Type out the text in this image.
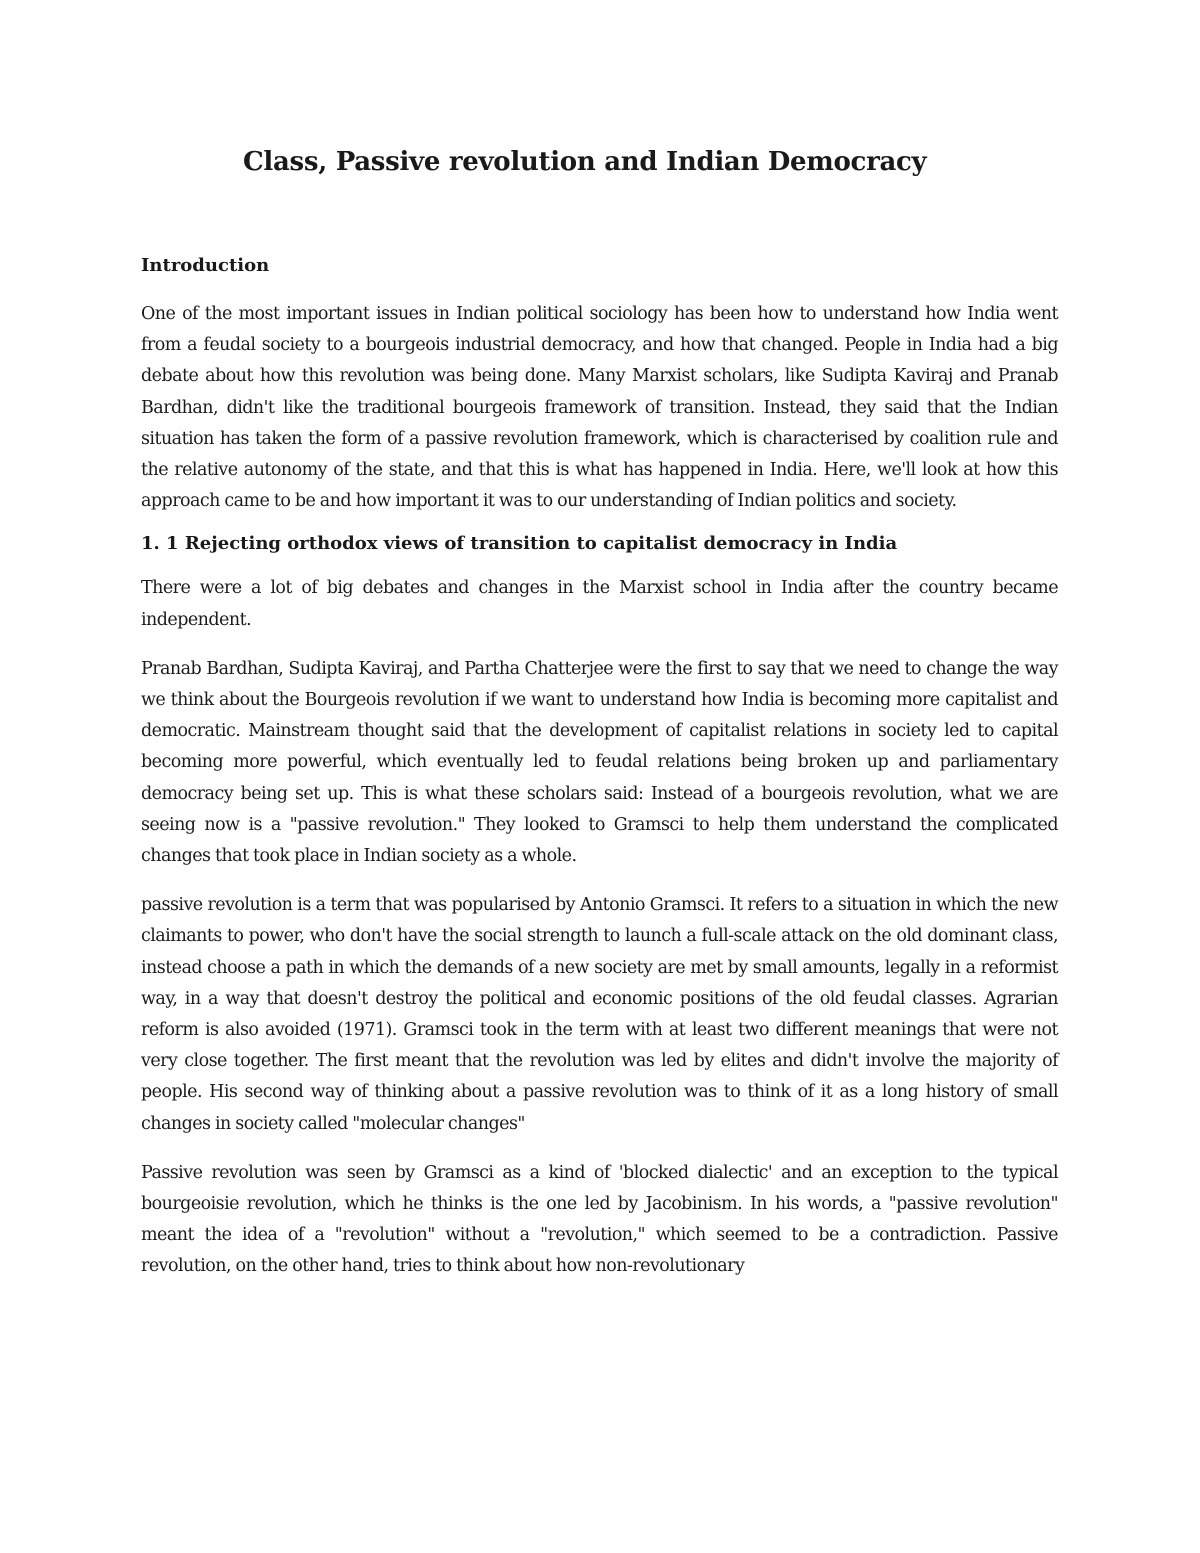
Class, Passive revolution and Indian Democracy
Introduction

One of the most important issues in Indian political sociology has been how to understand how India went from a feudal society to a bourgeois industrial democracy, and how that changed. People in India had a big debate about how this revolution was being done. Many Marxist scholars, like Sudipta Kaviraj and Pranab Bardhan, didn't like the traditional bourgeois framework of transition. Instead, they said that the Indian situation has taken the form of a passive revolution framework, which is characterised by coalition rule and the relative autonomy of the state, and that this is what has happened in India. Here, we'll look at how this approach came to be and how important it was to our understanding of Indian politics and society.

1. 1 Rejecting orthodox views of transition to capitalist democracy in India

There were a lot of big debates and changes in the Marxist school in India after the country became independent.

Pranab Bardhan, Sudipta Kaviraj, and Partha Chatterjee were the first to say that we need to change the way we think about the Bourgeois revolution if we want to understand how India is becoming more capitalist and democratic. Mainstream thought said that the development of capitalist relations in society led to capital becoming more powerful, which eventually led to feudal relations being broken up and parliamentary democracy being set up. This is what these scholars said: Instead of a bourgeois revolution, what we are seeing now is a "passive revolution." They looked to Gramsci to help them understand the complicated changes that took place in Indian society as a whole.

passive revolution is a term that was popularised by Antonio Gramsci. It refers to a situation in which the new claimants to power, who don't have the social strength to launch a full-scale attack on the old dominant class, instead choose a path in which the demands of a new society are met by small amounts, legally in a reformist way, in a way that doesn't destroy the political and economic positions of the old feudal classes. Agrarian reform is also avoided (1971). Gramsci took in the term with at least two different meanings that were not very close together. The first meant that the revolution was led by elites and didn't involve the majority of people. His second way of thinking about a passive revolution was to think of it as a long history of small changes in society called "molecular changes"

Passive revolution was seen by Gramsci as a kind of 'blocked dialectic' and an exception to the typical bourgeoisie revolution, which he thinks is the one led by Jacobinism. In his words, a "passive revolution" meant the idea of a "revolution" without a "revolution," which seemed to be a contradiction. Passive revolution, on the other hand, tries to think about how non-revolutionary
